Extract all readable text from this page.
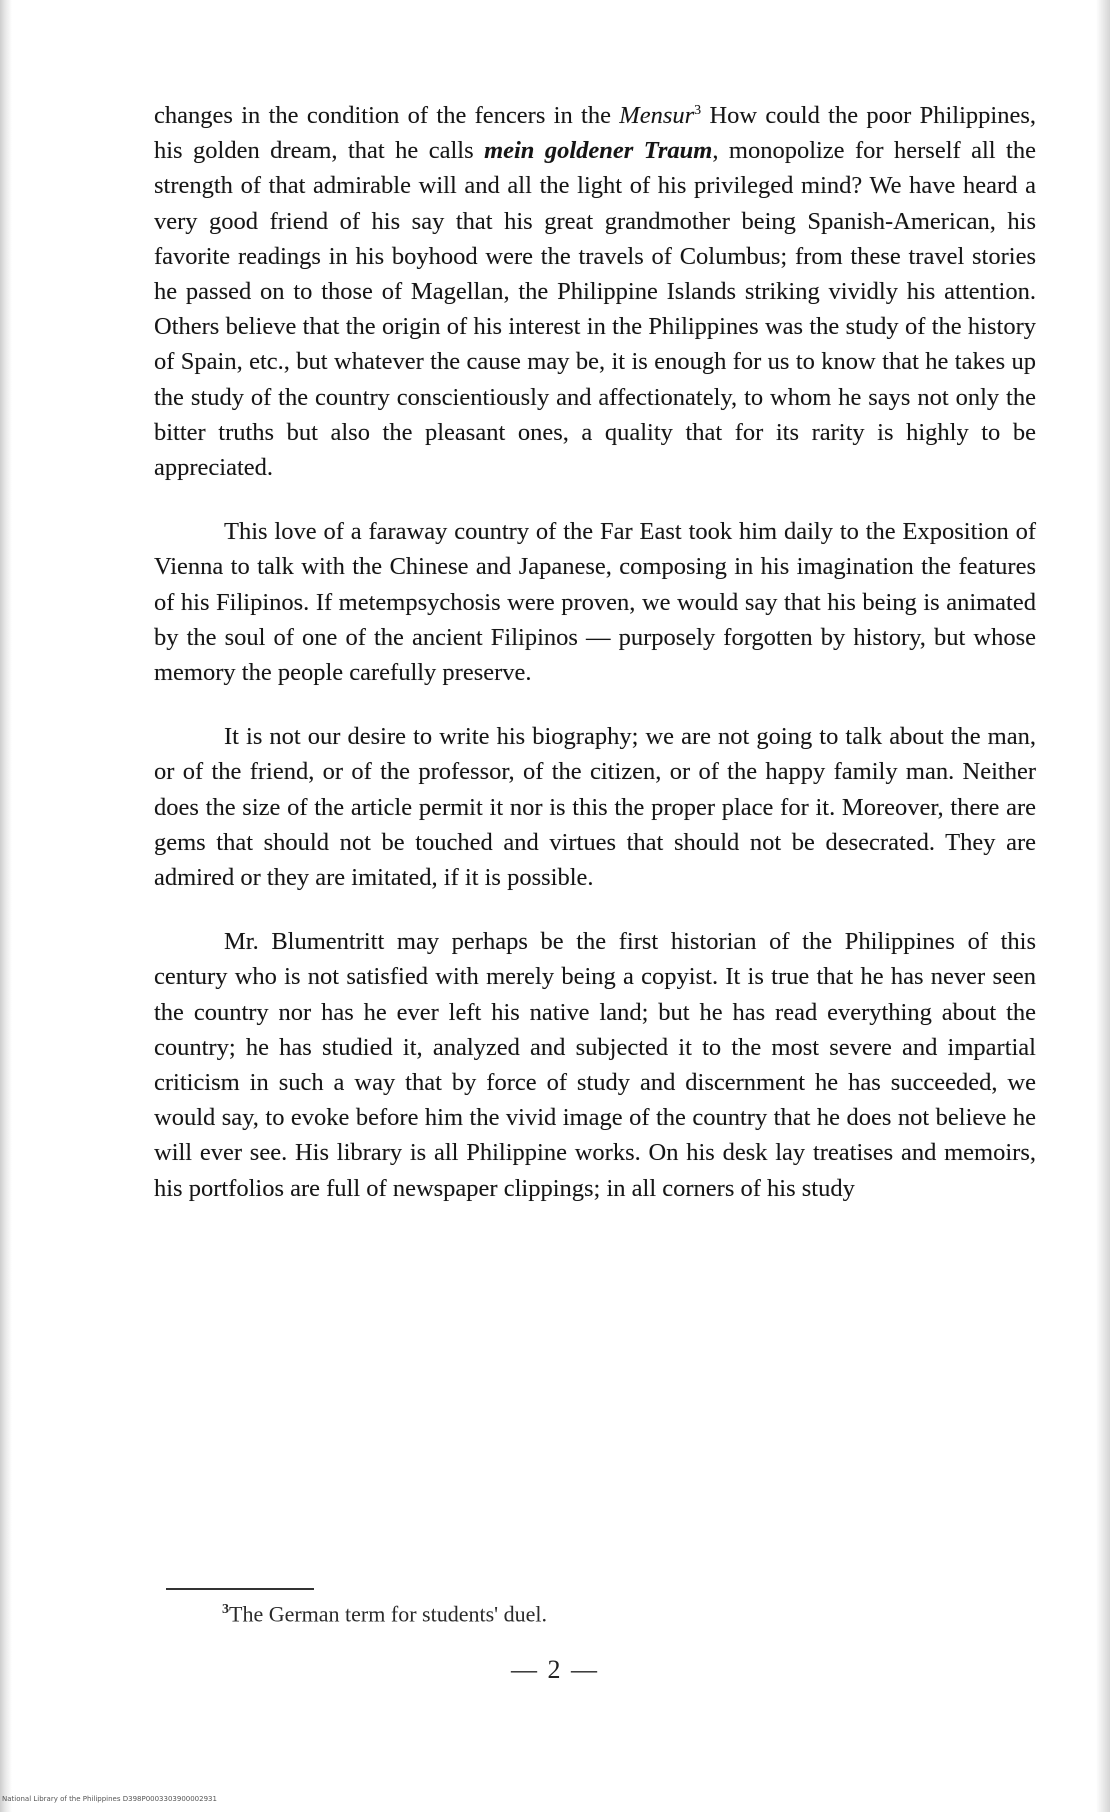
changes in the condition of the fencers in the Mensur$^3$ How could the poor Philippines, his golden dream, that he calls mein goldener Traum, monopolize for herself all the strength of that admirable will and all the light of his privileged mind? We have heard a very good friend of his say that his great grandmother being Spanish-American, his favorite readings in his boyhood were the travels of Columbus; from these travel stories he passed on to those of Magellan, the Philippine Islands striking vividly his attention. Others believe that the origin of his interest in the Philippines was the study of the history of Spain, etc., but whatever the cause may be, it is enough for us to know that he takes up the study of the country conscientiously and affectionately, to whom he says not only the bitter truths but also the pleasant ones, a quality that for its rarity is highly to be appreciated.

This love of a faraway country of the Far East took him daily to the Exposition of Vienna to talk with the Chinese and Japanese, composing in his imagination the features of his Filipinos. If metempsychosis were proven, we would say that his being is animated by the soul of one of the ancient Filipinos — purposely forgotten by history, but whose memory the people carefully preserve.

It is not our desire to write his biography; we are not going to talk about the man, or of the friend, or of the professor, of the citizen, or of the happy family man. Neither does the size of the article permit it nor is this the proper place for it. Moreover, there are gems that should not be touched and virtues that should not be desecrated. They are admired or they are imitated, if it is possible.

Mr. Blumentritt may perhaps be the first historian of the Philippines of this century who is not satisfied with merely being a copyist. It is true that he has never seen the country nor has he ever left his native land; but he has read everything about the country; he has studied it, analyzed and subjected it to the most severe and impartial criticism in such a way that by force of study and discernment he has succeeded, we would say, to evoke before him the vivid image of the country that he does not believe he will ever see. His library is all Philippine works. On his desk lay treatises and memoirs, his portfolios are full of newspaper clippings; in all corners of his study

$^3$The German term for students' duel.
— 2 —
National Library of the Philippines D398P0003303900002931
